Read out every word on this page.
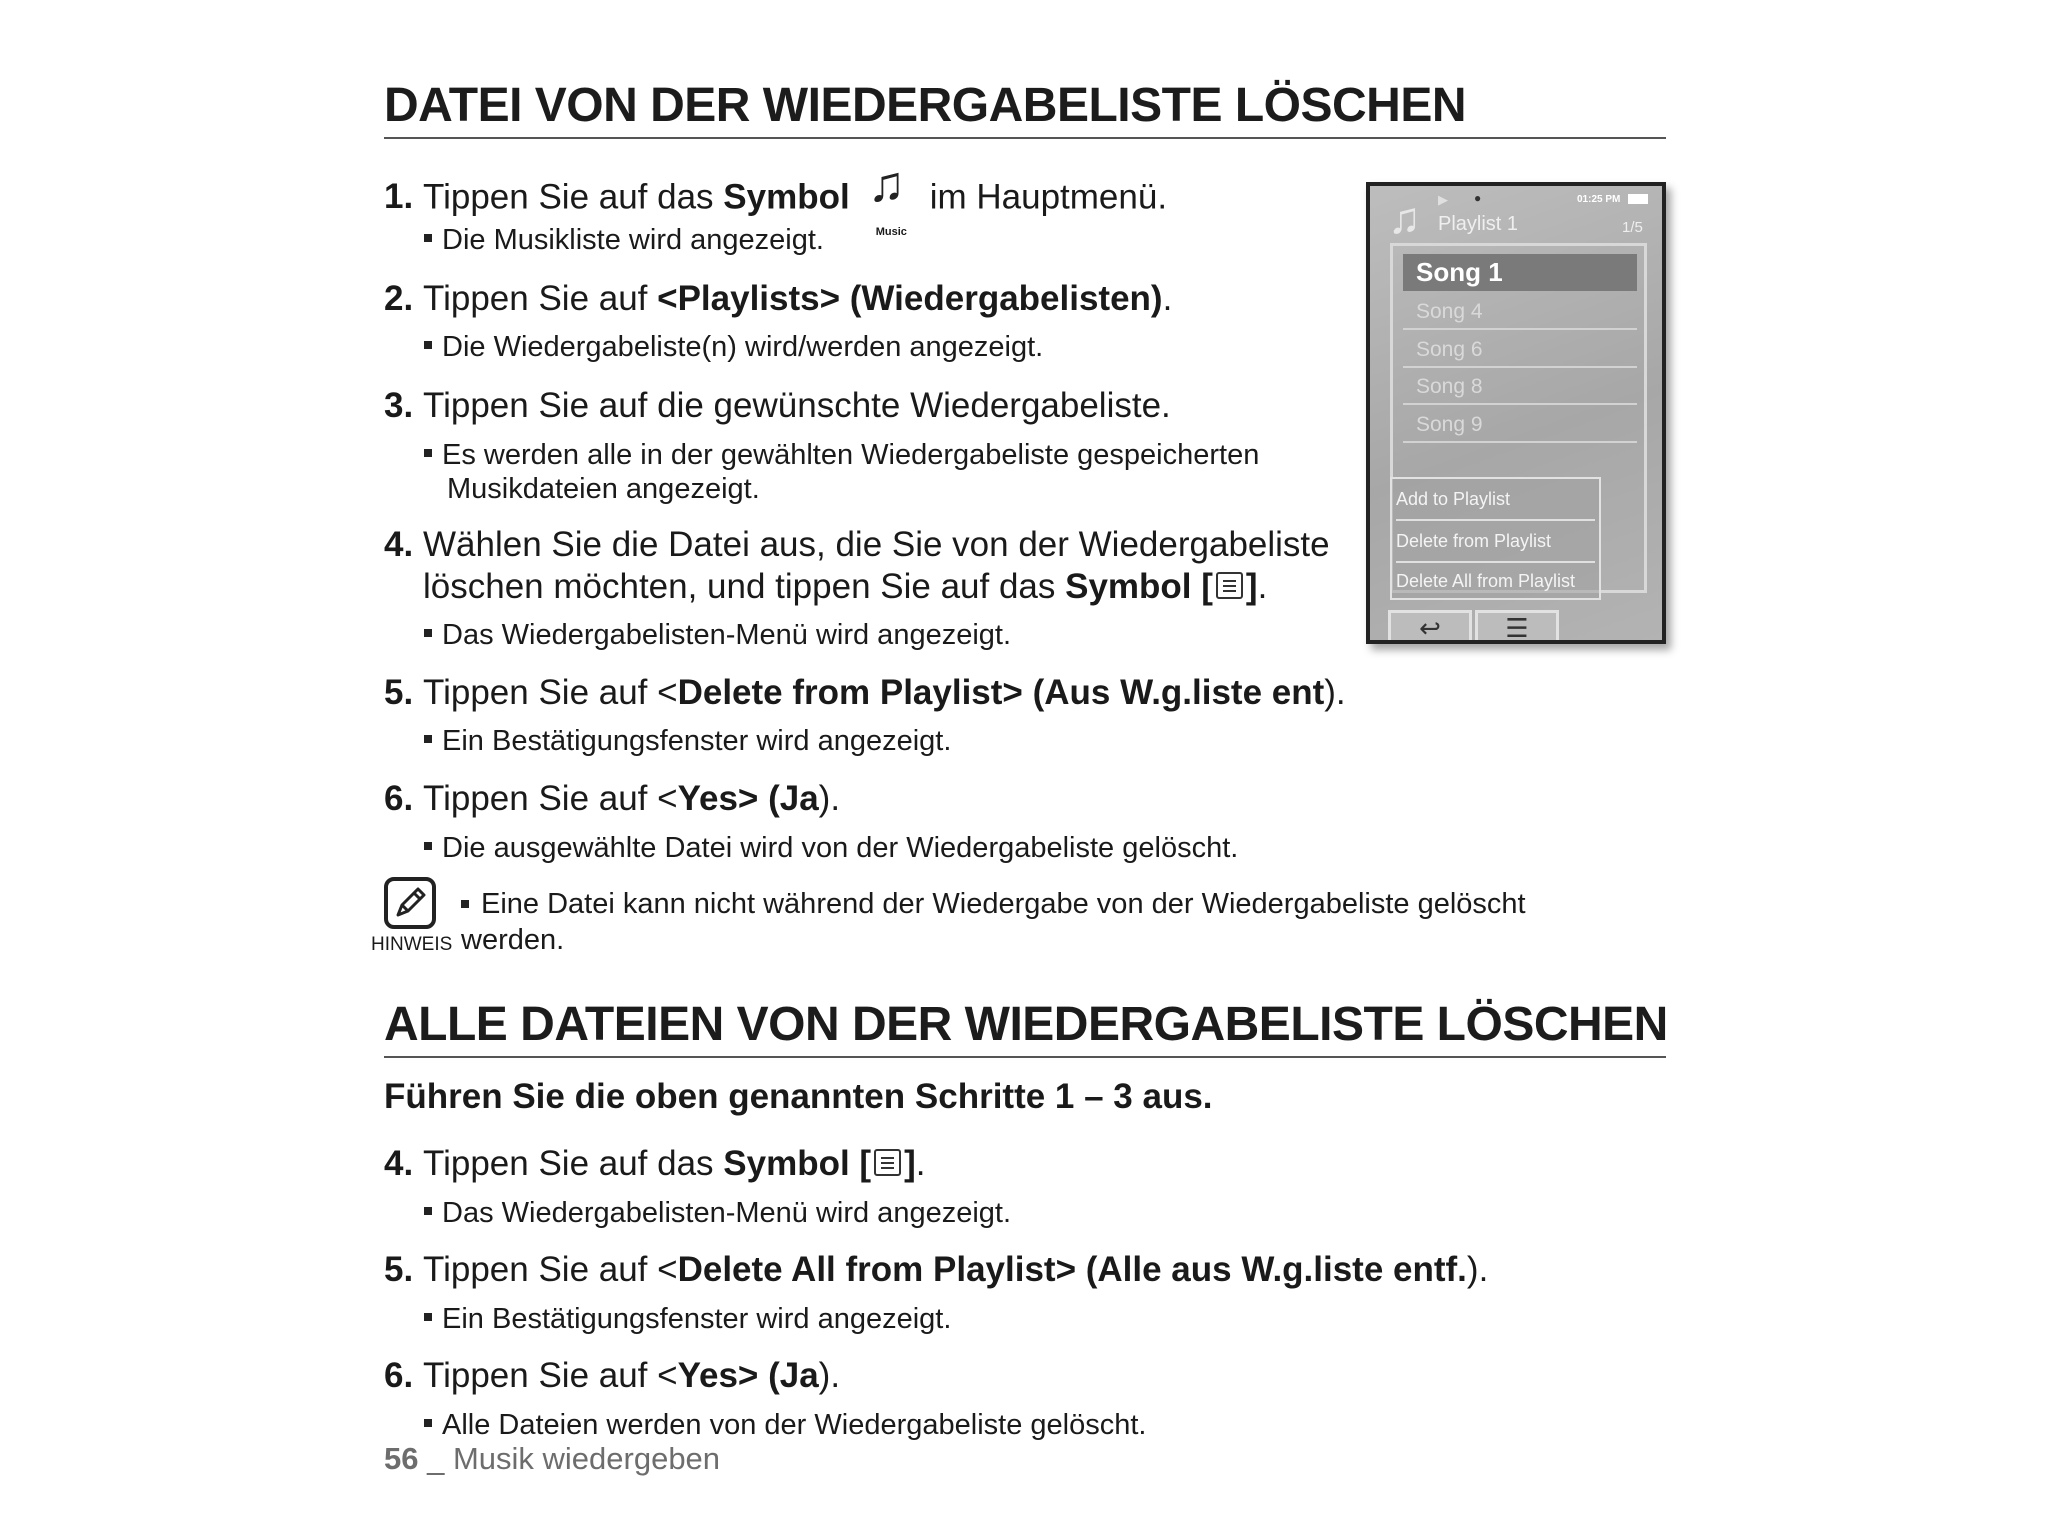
DATEI VON DER WIEDERGABELISTE LÖSCHEN
1. Tippen Sie auf das Symbol ♫
Music
im Hauptmenü.
Die Musikliste wird angezeigt.
2. Tippen Sie auf <Playlists> (Wiedergabelisten).
Die Wiedergabeliste(n) wird/werden angezeigt.
3. Tippen Sie auf die gewünschte Wiedergabeliste.
Es werden alle in der gewählten Wiedergabeliste gespeicherten
Musikdateien angezeigt.
4. Wählen Sie die Datei aus, die Sie von der Wiedergabeliste
löschen möchten, und tippen Sie auf das Symbol [ ].
Das Wiedergabelisten-Menü wird angezeigt.
5. Tippen Sie auf <Delete from Playlist> (Aus W.g.liste ent).
Ein Bestätigungsfenster wird angezeigt.
6. Tippen Sie auf <Yes> (Ja).
Die ausgewählte Datei wird von der Wiedergabeliste gelöscht.
HINWEIS
Eine Datei kann nicht während der Wiedergabe von der Wiedergabeliste gelöscht
werden.
♫ ▶ ●	01:25 PM
Playlist 1	1/5
Song 1
Song 4
Song 6
Song 8
Song 9
Add to Playlist
Delete from Playlist
Delete All from Playlist
↩	☰
ALLE DATEIEN VON DER WIEDERGABELISTE LÖSCHEN
Führen Sie die oben genannten Schritte 1 – 3 aus.
4. Tippen Sie auf das Symbol [ ].
Das Wiedergabelisten-Menü wird angezeigt.
5. Tippen Sie auf <Delete All from Playlist> (Alle aus W.g.liste entf.).
Ein Bestätigungsfenster wird angezeigt.
6. Tippen Sie auf <Yes> (Ja).
Alle Dateien werden von der Wiedergabeliste gelöscht.
56 _ Musik wiedergeben
